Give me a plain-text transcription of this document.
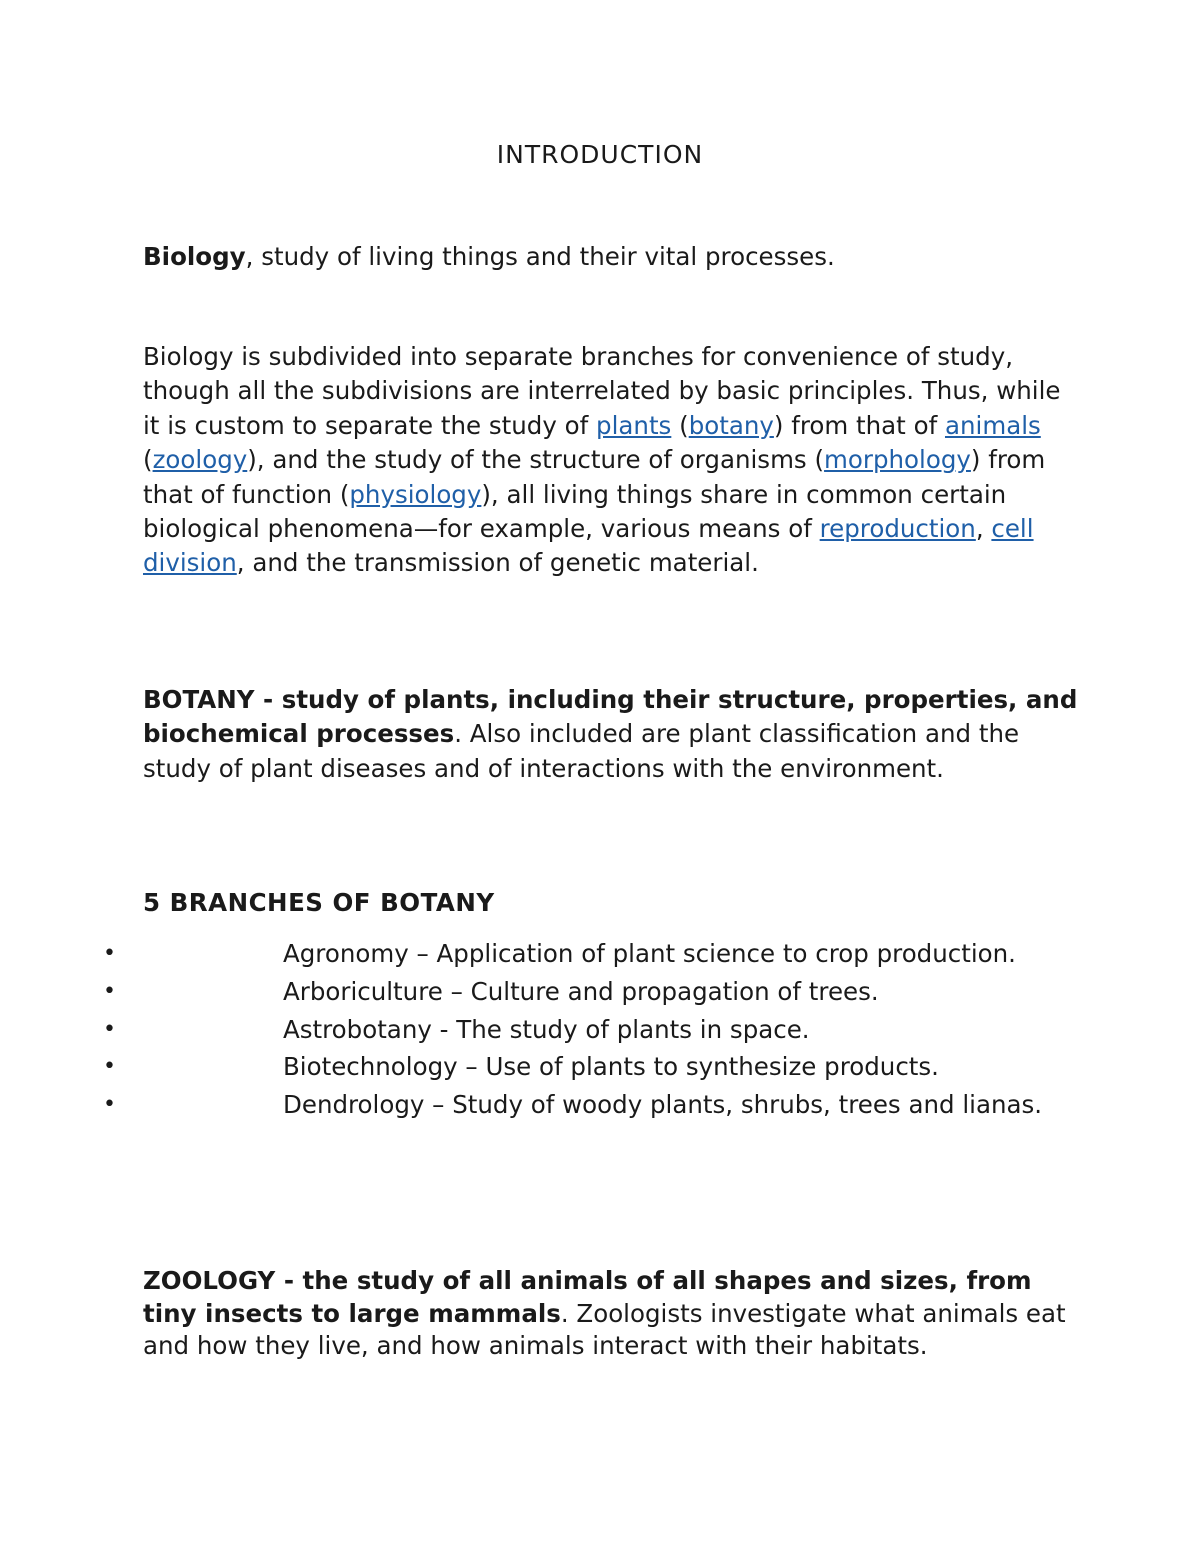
INTRODUCTION

Biology, study of living things and their vital processes.

Biology is subdivided into separate branches for convenience of study, though all the subdivisions are interrelated by basic principles. Thus, while it is custom to separate the study of plants (botany) from that of animals (zoology), and the study of the structure of organisms (morphology) from that of function (physiology), all living things share in common certain biological phenomena—for example, various means of reproduction, cell division, and the transmission of genetic material.

BOTANY - study of plants, including their structure, properties, and biochemical processes. Also included are plant classification and the study of plant diseases and of interactions with the environment.

5 BRANCHES OF BOTANY
•	Agronomy – Application of plant science to crop production.
•	Arboriculture – Culture and propagation of trees.
•	Astrobotany - The study of plants in space.
•	Biotechnology – Use of plants to synthesize products.
•	Dendrology – Study of woody plants, shrubs, trees and lianas.

ZOOLOGY - the study of all animals of all shapes and sizes, from tiny insects to large mammals. Zoologists investigate what animals eat and how they live, and how animals interact with their habitats.
